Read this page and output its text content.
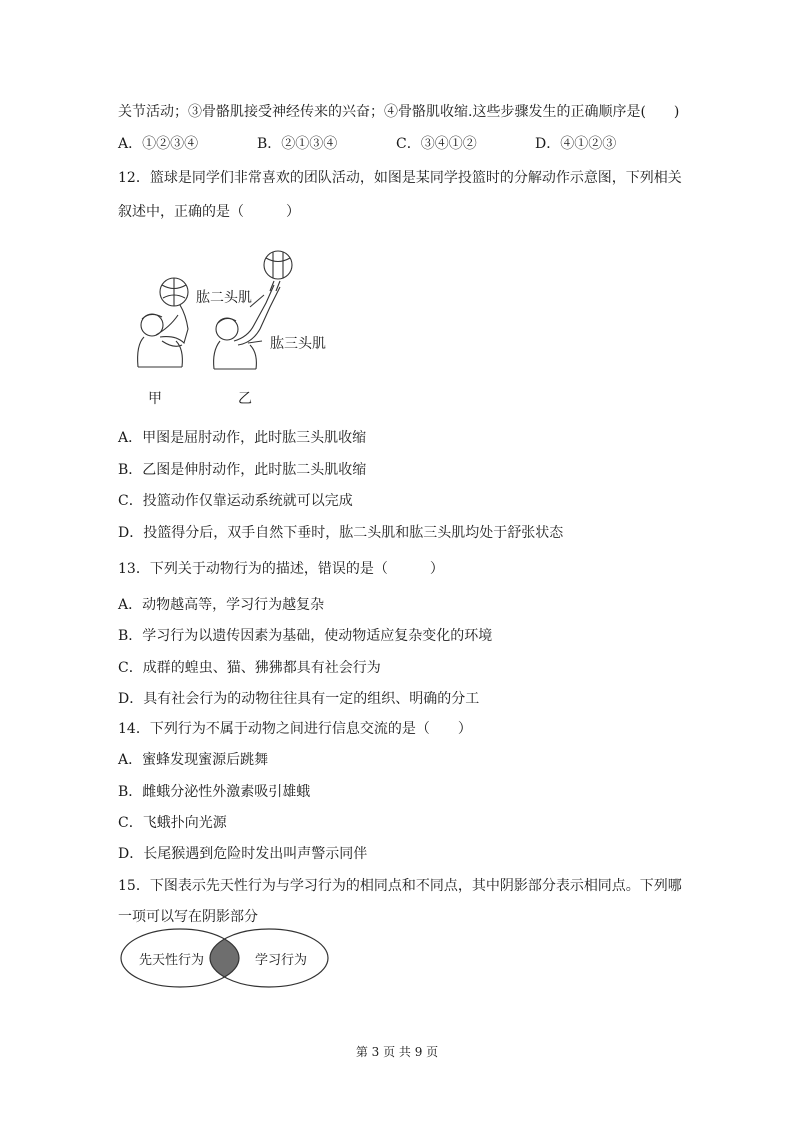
关节活动；③骨骼肌接受神经传来的兴奋；④骨骼肌收缩.这些步骤发生的正确顺序是(　　)
A．①②③④	B．②①③④	C．③④①②	D．④①②③
12．篮球是同学们非常喜欢的团队活动，如图是某同学投篮时的分解动作示意图，下列相关
叙述中，正确的是（　　　）
肱二头肌
肱三头肌
甲	乙
A．甲图是屈肘动作，此时肱三头肌收缩
B．乙图是伸肘动作，此时肱二头肌收缩
C．投篮动作仅靠运动系统就可以完成
D．投篮得分后，双手自然下垂时，肱二头肌和肱三头肌均处于舒张状态
13．下列关于动物行为的描述，错误的是（　　　）
A．动物越高等，学习行为越复杂
B．学习行为以遗传因素为基础，使动物适应复杂变化的环境
C．成群的蝗虫、猫、狒狒都具有社会行为
D．具有社会行为的动物往往具有一定的组织、明确的分工
14．下列行为不属于动物之间进行信息交流的是（　　）
A．蜜蜂发现蜜源后跳舞
B．雌蛾分泌性外激素吸引雄蛾
C．飞蛾扑向光源
D．长尾猴遇到危险时发出叫声警示同伴
15．下图表示先天性行为与学习行为的相同点和不同点，其中阴影部分表示相同点。下列哪
一项可以写在阴影部分
先天性行为	学习行为
第 3 页 共 9 页
